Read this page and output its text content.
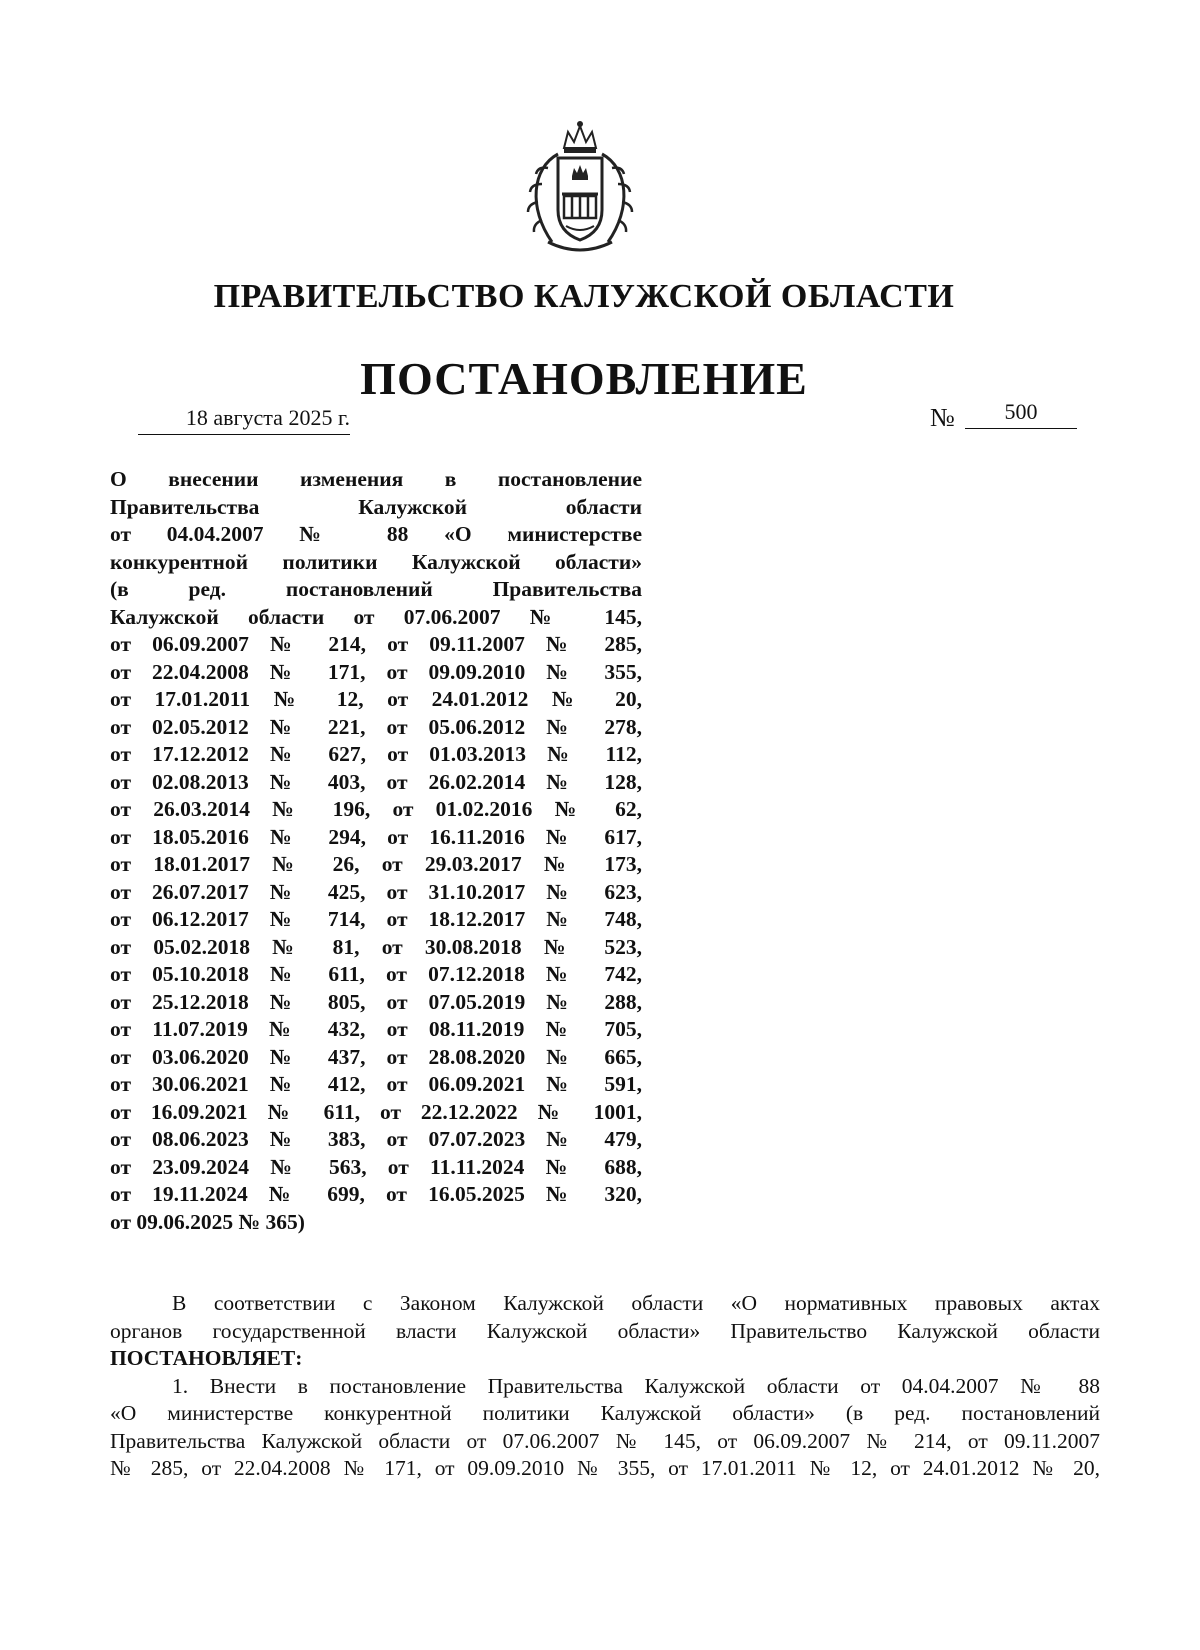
ПРАВИТЕЛЬСТВО КАЛУЖСКОЙ ОБЛАСТИ
ПОСТАНОВЛЕНИЕ
18 августа 2025 г.	№	500
О внесении изменения в постановление
Правительства Калужской области
от 04.04.2007 № 88 «О министерстве
конкурентной политики Калужской области»
(в ред. постановлений Правительства
Калужской области от 07.06.2007 № 145,
от 06.09.2007 № 214, от 09.11.2007 № 285,
от 22.04.2008 № 171, от 09.09.2010 № 355,
от 17.01.2011 № 12, от 24.01.2012 № 20,
от 02.05.2012 № 221, от 05.06.2012 № 278,
от 17.12.2012 № 627, от 01.03.2013 № 112,
от 02.08.2013 № 403, от 26.02.2014 № 128,
от 26.03.2014 № 196, от 01.02.2016 № 62,
от 18.05.2016 № 294, от 16.11.2016 № 617,
от 18.01.2017 № 26, от 29.03.2017 № 173,
от 26.07.2017 № 425, от 31.10.2017 № 623,
от 06.12.2017 № 714, от 18.12.2017 № 748,
от 05.02.2018 № 81, от 30.08.2018 № 523,
от 05.10.2018 № 611, от 07.12.2018 № 742,
от 25.12.2018 № 805, от 07.05.2019 № 288,
от 11.07.2019 № 432, от 08.11.2019 № 705,
от 03.06.2020 № 437, от 28.08.2020 № 665,
от 30.06.2021 № 412, от 06.09.2021 № 591,
от 16.09.2021 № 611, от 22.12.2022 № 1001,
от 08.06.2023 № 383, от 07.07.2023 № 479,
от 23.09.2024 № 563, от 11.11.2024 № 688,
от 19.11.2024 № 699, от 16.05.2025 № 320,
от 09.06.2025 № 365)
В соответствии с Законом Калужской области «О нормативных правовых актах
органов государственной власти Калужской области» Правительство Калужской области
ПОСТАНОВЛЯЕТ:
1. Внести в постановление Правительства Калужской области от 04.04.2007 № 88
«О министерстве конкурентной политики Калужской области» (в ред. постановлений
Правительства Калужской области от 07.06.2007 № 145, от 06.09.2007 № 214, от 09.11.2007
№ 285, от 22.04.2008 № 171, от 09.09.2010 № 355, от 17.01.2011 № 12, от 24.01.2012 № 20,
